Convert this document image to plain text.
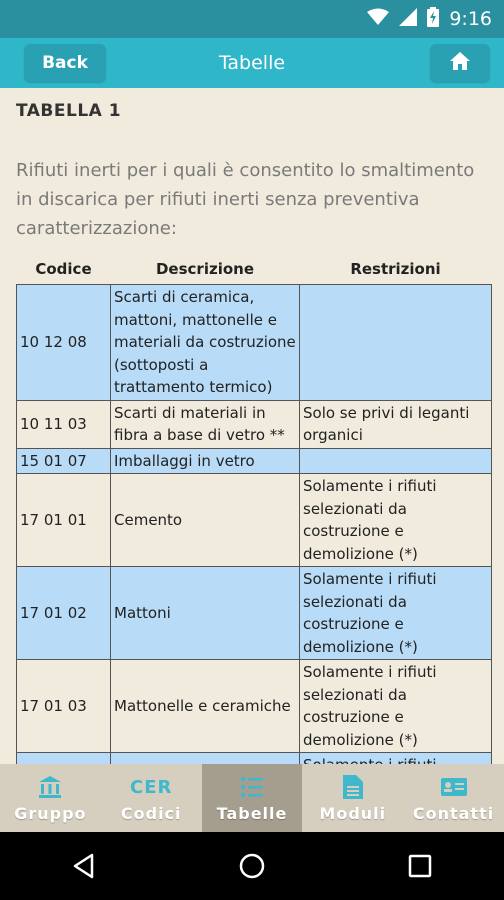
9:16
Back	Tabelle
TABELLA 1
Rifiuti inerti per i quali è consentito lo smaltimento in discarica per rifiuti inerti senza preventiva caratterizzazione:
Codice	Descrizione	Restrizioni
10 12 08	Scarti di ceramica, mattoni, mattonelle e materiali da costruzione (sottoposti a trattamento termico)	
10 11 03	Scarti di materiali in fibra a base di vetro **	Solo se privi di leganti organici
15 01 07	Imballaggi in vetro	
17 01 01	Cemento	Solamente i rifiuti selezionati da costruzione e demolizione (*)
17 01 02	Mattoni	Solamente i rifiuti selezionati da costruzione e demolizione (*)
17 01 03	Mattonelle e ceramiche	Solamente i rifiuti selezionati da costruzione e demolizione (*)

Gruppo
CER
Codici Tabelle Moduli Contatti
